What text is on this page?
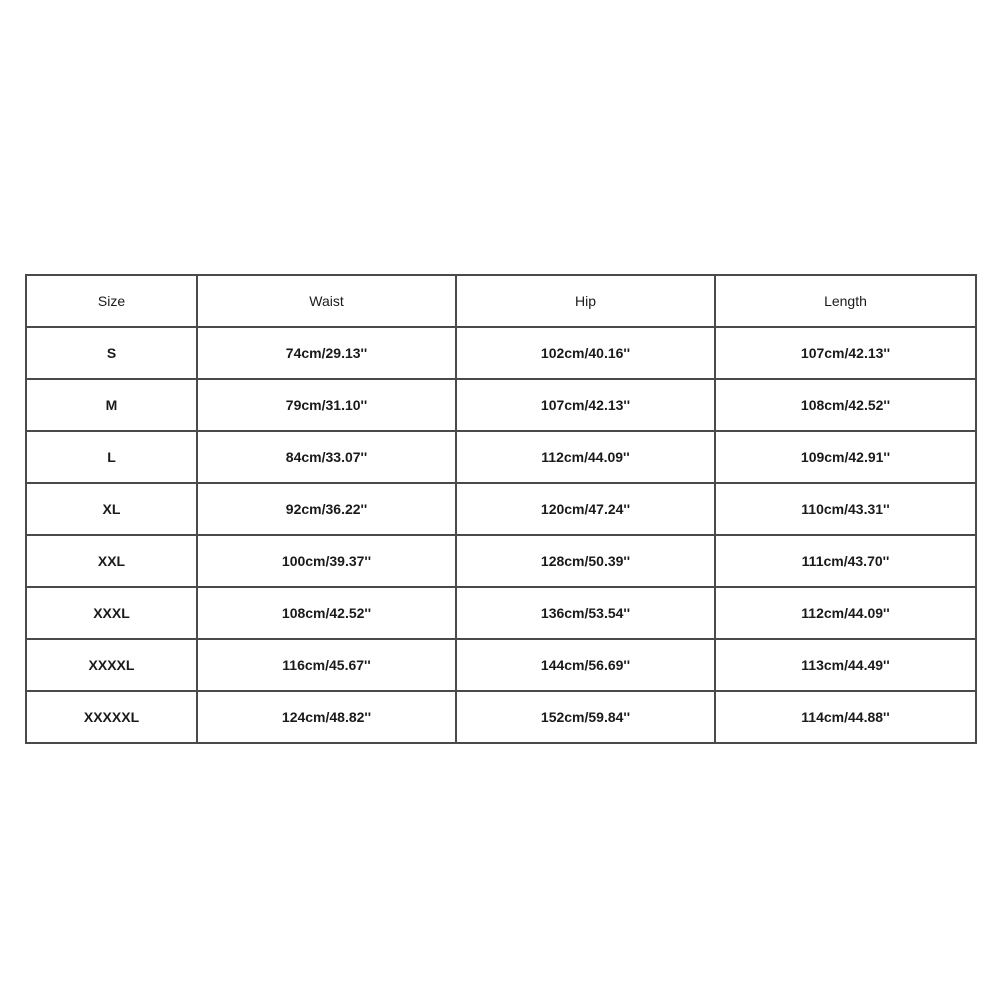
Size	Waist	Hip	Length
S	74cm/29.13''	102cm/40.16''	107cm/42.13''
M	79cm/31.10''	107cm/42.13''	108cm/42.52''
L	84cm/33.07''	112cm/44.09''	109cm/42.91''
XL	92cm/36.22''	120cm/47.24''	110cm/43.31''
XXL	100cm/39.37''	128cm/50.39''	111cm/43.70''
XXXL	108cm/42.52''	136cm/53.54''	112cm/44.09''
XXXXL	116cm/45.67''	144cm/56.69''	113cm/44.49''
XXXXXL	124cm/48.82''	152cm/59.84''	114cm/44.88''
